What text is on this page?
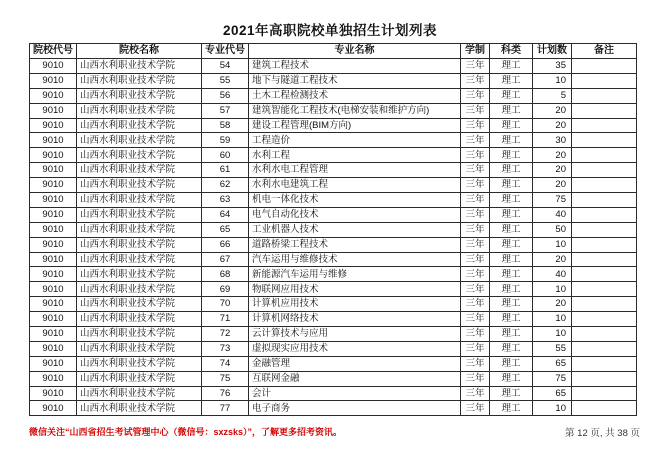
2021年高职院校单独招生计划列表
院校代号	院校名称	专业代号	专业名称	学制	科类	计划数	备注
9010	山西水利职业技术学院	54	建筑工程技术	三年	理工	35	
9010	山西水利职业技术学院	55	地下与隧道工程技术	三年	理工	10	
9010	山西水利职业技术学院	56	土木工程检测技术	三年	理工	5	
9010	山西水利职业技术学院	57	建筑智能化工程技术(电梯安装和维护方向)	三年	理工	20	
9010	山西水利职业技术学院	58	建设工程管理(BIM方向)	三年	理工	20	
9010	山西水利职业技术学院	59	工程造价	三年	理工	30	
9010	山西水利职业技术学院	60	水利工程	三年	理工	20	
9010	山西水利职业技术学院	61	水利水电工程管理	三年	理工	20	
9010	山西水利职业技术学院	62	水利水电建筑工程	三年	理工	20	
9010	山西水利职业技术学院	63	机电一体化技术	三年	理工	75	
9010	山西水利职业技术学院	64	电气自动化技术	三年	理工	40	
9010	山西水利职业技术学院	65	工业机器人技术	三年	理工	50	
9010	山西水利职业技术学院	66	道路桥梁工程技术	三年	理工	10	
9010	山西水利职业技术学院	67	汽车运用与维修技术	三年	理工	20	
9010	山西水利职业技术学院	68	新能源汽车运用与维修	三年	理工	40	
9010	山西水利职业技术学院	69	物联网应用技术	三年	理工	10	
9010	山西水利职业技术学院	70	计算机应用技术	三年	理工	20	
9010	山西水利职业技术学院	71	计算机网络技术	三年	理工	10	
9010	山西水利职业技术学院	72	云计算技术与应用	三年	理工	10	
9010	山西水利职业技术学院	73	虚拟现实应用技术	三年	理工	55	
9010	山西水利职业技术学院	74	金融管理	三年	理工	65	
9010	山西水利职业技术学院	75	互联网金融	三年	理工	75	
9010	山西水利职业技术学院	76	会计	三年	理工	65	
9010	山西水利职业技术学院	77	电子商务	三年	理工	10	
微信关注“山西省招生考试管理中心（微信号：sxzsks）”，了解更多招考资讯。	第 12 页, 共 38 页
